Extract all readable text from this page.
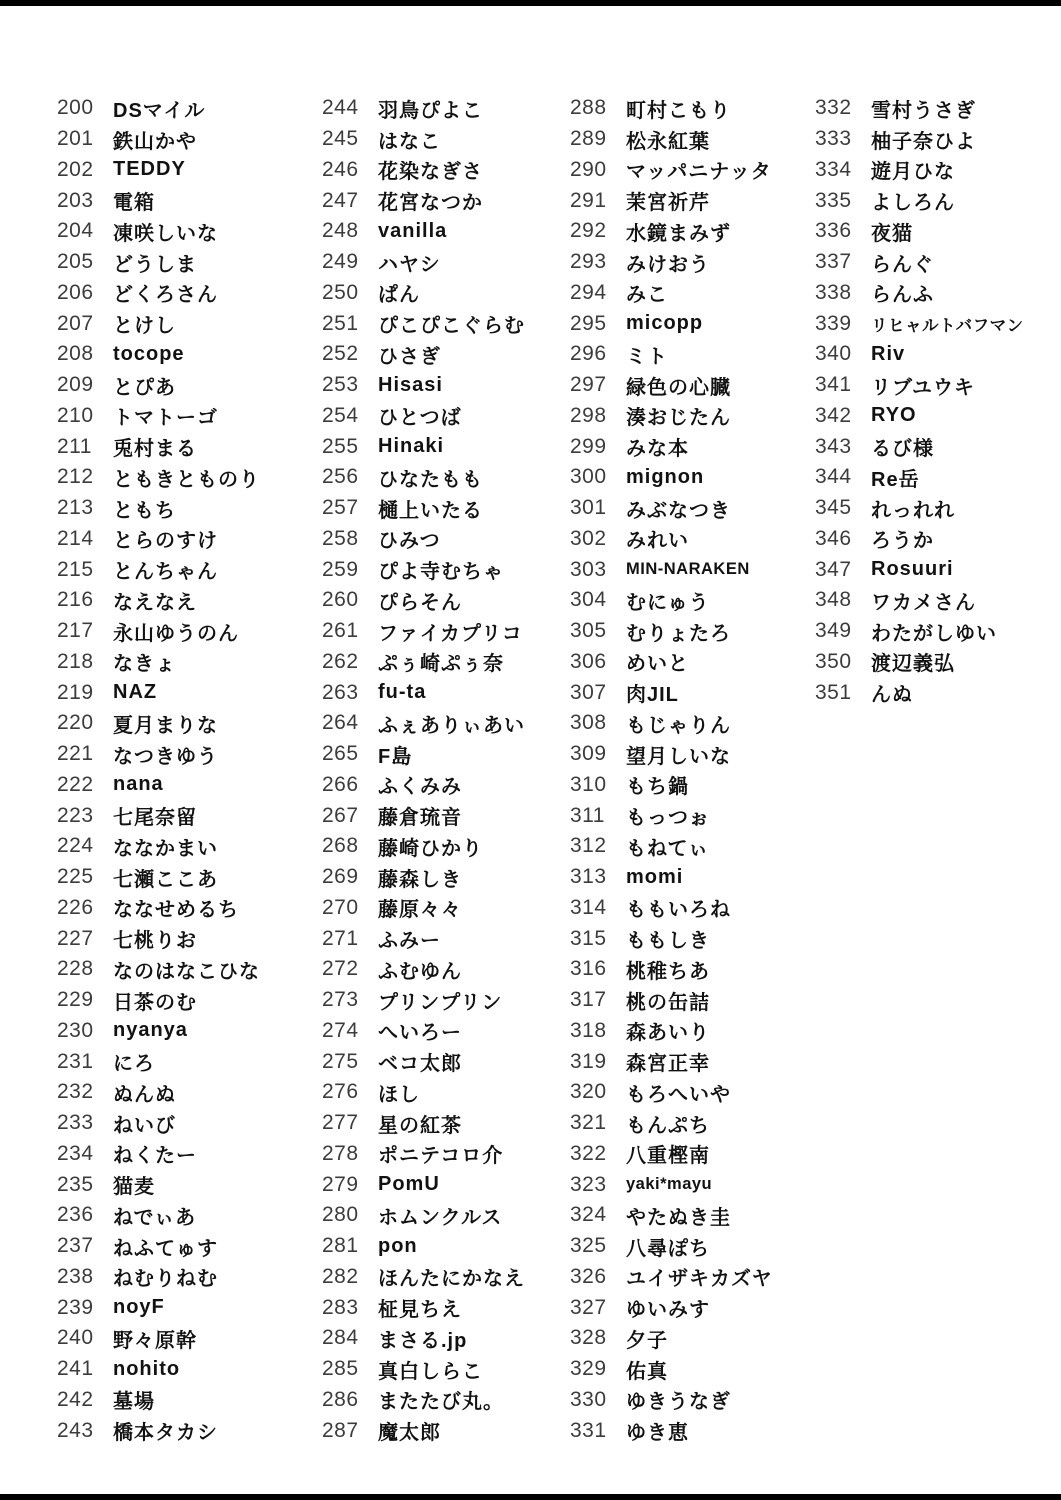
200 DSマイル
201 鉄山かや
202 TEDDY
203 電箱
204 凍咲しいな
205 どうしま
206 どくろさん
207 とけし
208 tocope
209 とぴあ
210 トマトーゴ
211	兎村まる
212 ともきとものり
213 ともち
214 とらのすけ
215 とんちゃん
216 なえなえ
217 永山ゆうのん
218 なきょ
219 NAZ
220 夏月まりな
221 なつきゆう
222 nana
223 七尾奈留
224 ななかまい
225 七瀬ここあ
226 ななせめるち
227 七桃りお
228 なのはなこひな
229 日茶のむ
230 nyanya
231 にろ
232 ぬんぬ
233 ねいび
234 ねくたー
235 猫麦
236 ねでぃあ
237 ねふてゅす
238 ねむりねむ
239 noyF
240 野々原幹
241 nohito
242 墓場
243 橋本タカシ
244 羽鳥ぴよこ
245 はなこ
246 花染なぎさ
247 花宮なつか
248 vanilla
249 ハヤシ
250 ぱん
251 ぴこぴこぐらむ
252 ひさぎ
253 Hisasi
254 ひとつば
255 Hinaki
256 ひなたもも
257 樋上いたる
258 ひみつ
259 ぴよ寺むちゃ
260 ぴらそん
261 ファイカプリコ
262 ぷぅ崎ぷぅ奈
263 fu-ta
264 ふぇありぃあい
265 F島
266 ふくみみ
267 藤倉琉音
268 藤崎ひかり
269 藤森しき
270 藤原々々
271 ふみー
272 ふむゆん
273 プリンプリン
274 へいろー
275 ベコ太郎
276 ほし
277 星の紅茶
278 ポニテコロ介
279 PomU
280 ホムンクルス
281 pon
282 ほんたにかなえ
283 柾見ちえ
284 まさる.jp
285 真白しらこ
286 またたび丸。
287 魔太郎
288 町村こもり
289 松永紅葉
290 マッパニナッタ
291 茉宮祈芹
292 水鏡まみず
293 みけおう
294 みこ
295 micopp
296 ミト
297 緑色の心臓
298 湊おじたん
299 みな本
300 mignon
301 みぶなつき
302 みれい
303	MIN-NARAKEN
304 むにゅう
305 むりょたろ
306 めいと
307 肉JIL
308 もじゃりん
309 望月しいな
310 もち鍋
311	もっつぉ
312 もねてぃ
313 momi
314 ももいろね
315 ももしき
316 桃稚ちあ
317 桃の缶詰
318 森あいり
319 森宮正幸
320 もろへいや
321 もんぷち
322 八重樫南
323	yaki*mayu
324 やたぬき圭
325 八尋ぽち
326 ユイザキカズヤ
327 ゆいみす
328 夕子
329 佑真
330 ゆきうなぎ
331 ゆき恵
332 雪村うさぎ
333 柚子奈ひよ
334 遊月ひな
335 よしろん
336 夜猫
337 らんぐ
338 らんふ
339	リヒャルトバフマン
340 Riv
341 リブユウキ
342 RYO
343 るび様
344 Re岳
345 れっれれ
346 ろうか
347 Rosuuri
348 ワカメさん
349 わたがしゆい
350 渡辺義弘
351 んぬ
